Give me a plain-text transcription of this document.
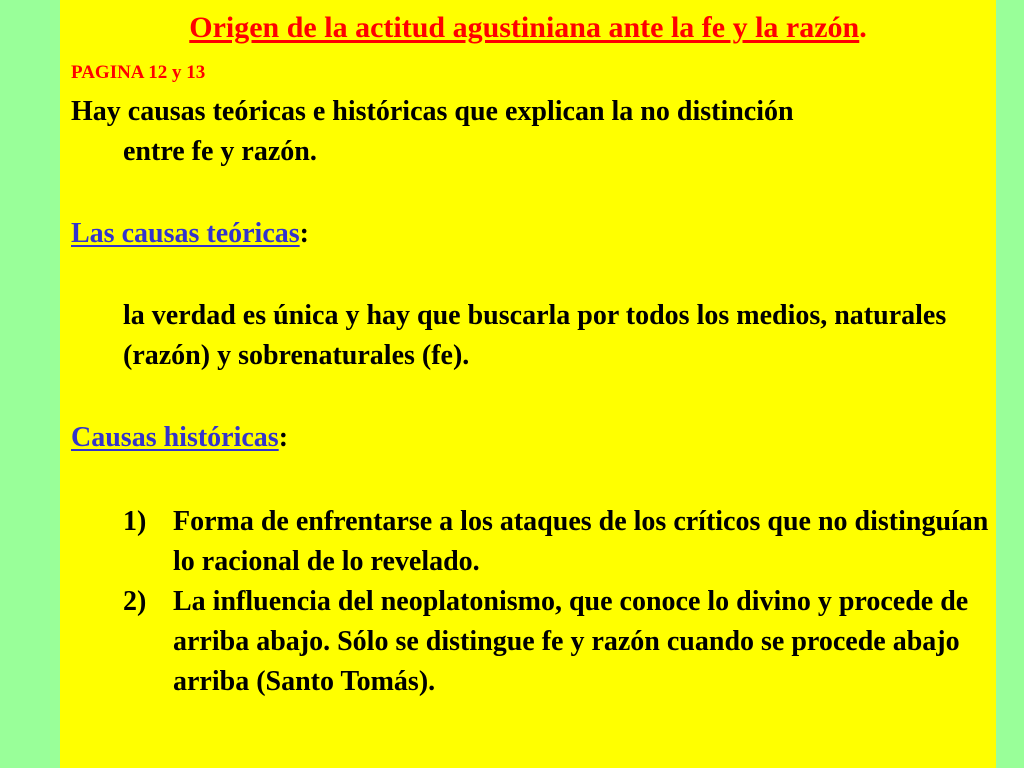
Origen de la actitud agustiniana ante la fe y la razón.
PAGINA 12 y 13
Hay causas teóricas e históricas que explican la no distinción
entre fe y razón.
Las causas teóricas:
la verdad es única y hay que buscarla por todos los medios, naturales (razón) y sobrenaturales (fe).
Causas históricas:
1) Forma de enfrentarse a los ataques de los críticos que no distinguían lo racional de lo revelado.
2) La influencia del neoplatonismo, que conoce lo divino y procede de arriba abajo. Sólo se distingue fe y razón cuando se procede abajo arriba (Santo Tomás).
